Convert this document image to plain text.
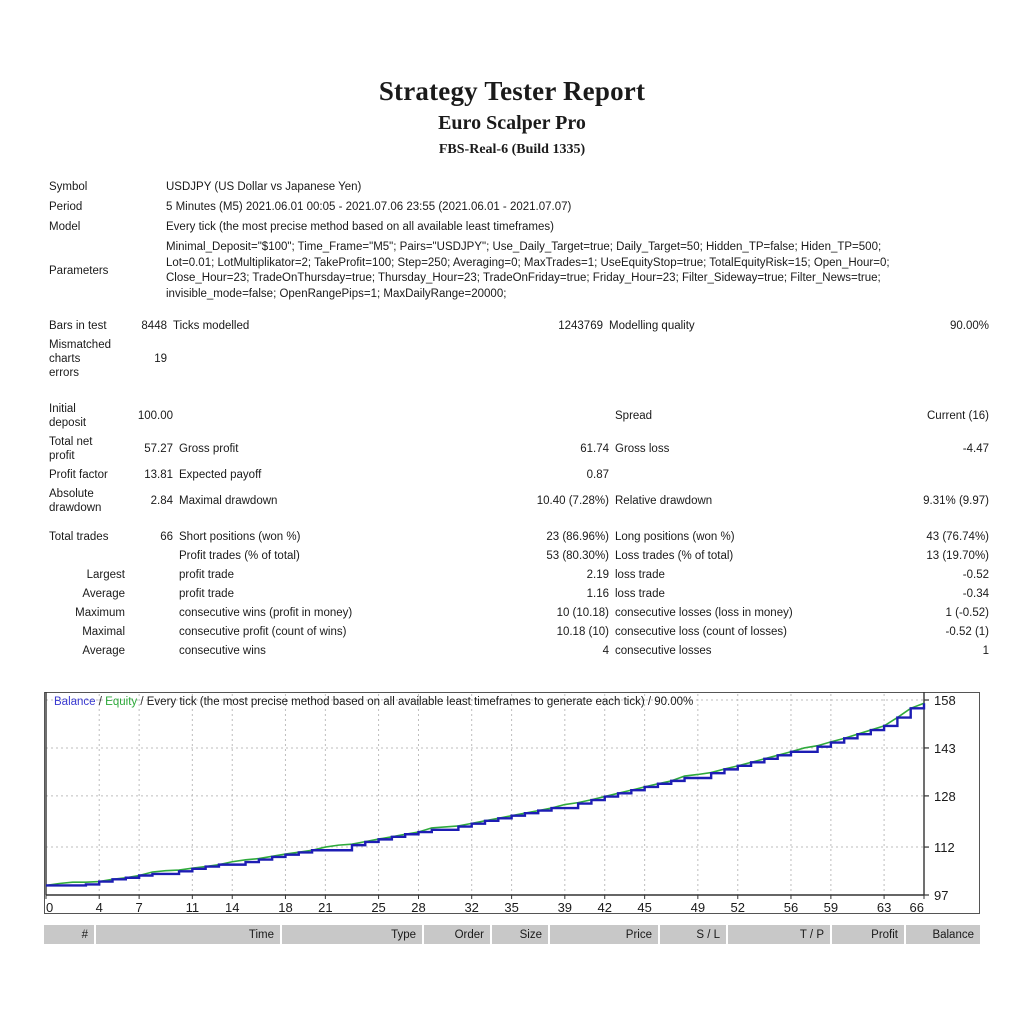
Strategy Tester Report
Euro Scalper Pro
FBS-Real-6 (Build 1335)
Symbol	USDJPY (US Dollar vs Japanese Yen)
Period	5 Minutes (M5) 2021.06.01 00:05 - 2021.07.06 23:55 (2021.06.01 - 2021.07.07)
Model	Every tick (the most precise method based on all available least timeframes)
Parameters	Minimal_Deposit="$100"; Time_Frame="M5"; Pairs="USDJPY"; Use_Daily_Target=true; Daily_Target=50; Hidden_TP=false; Hiden_TP=500;
Lot=0.01; LotMultiplikator=2; TakeProfit=100; Step=250; Averaging=0; MaxTrades=1; UseEquityStop=true; TotalEquityRisk=15; Open_Hour=0;
Close_Hour=23; TradeOnThursday=true; Thursday_Hour=23; TradeOnFriday=true; Friday_Hour=23; Filter_Sideway=true; Filter_News=true;
invisible_mode=false; OpenRangePips=1; MaxDailyRange=20000;
Bars in test	8448	Ticks modelled	1243769	Modelling quality	90.00%

Mismatched
charts
errors	19				
Initial
deposit	100.00			Spread	Current (16)

Total net
profit	57.27	Gross profit	61.74	Gross loss	-4.47
Profit factor	13.81	Expected payoff	0.87		

Absolute
drawdown	2.84	Maximal drawdown	10.40 (7.28%)	Relative drawdown	9.31% (9.97)

Total trades	66	Short positions (won %)	23 (86.96%)	Long positions (won %)	43 (76.74%)
		Profit trades (% of total)	53 (80.30%)	Loss trades (% of total)	13 (19.70%)
Largest		profit trade	2.19	loss trade	-0.52
Average		profit trade	1.16	loss trade	-0.34
Maximum		consecutive wins (profit in money)	10 (10.18)	consecutive losses (loss in money)	1 (-0.52)
Maximal		consecutive profit (count of wins)	10.18 (10)	consecutive loss (count of losses)	-0.52 (1)
Average		consecutive wins	4	consecutive losses	1
97
112
128
143
158
0	4	7	11 14	18 21	25 28	32 35	39 42 45	49 52	56 59	63 66
Balance / Equity / Every tick (the most precise method based on all available least timeframes to generate each tick) / 90.00%
#	Time	Type	Order	Size	Price	S / L	T / P	Profit	Balance
